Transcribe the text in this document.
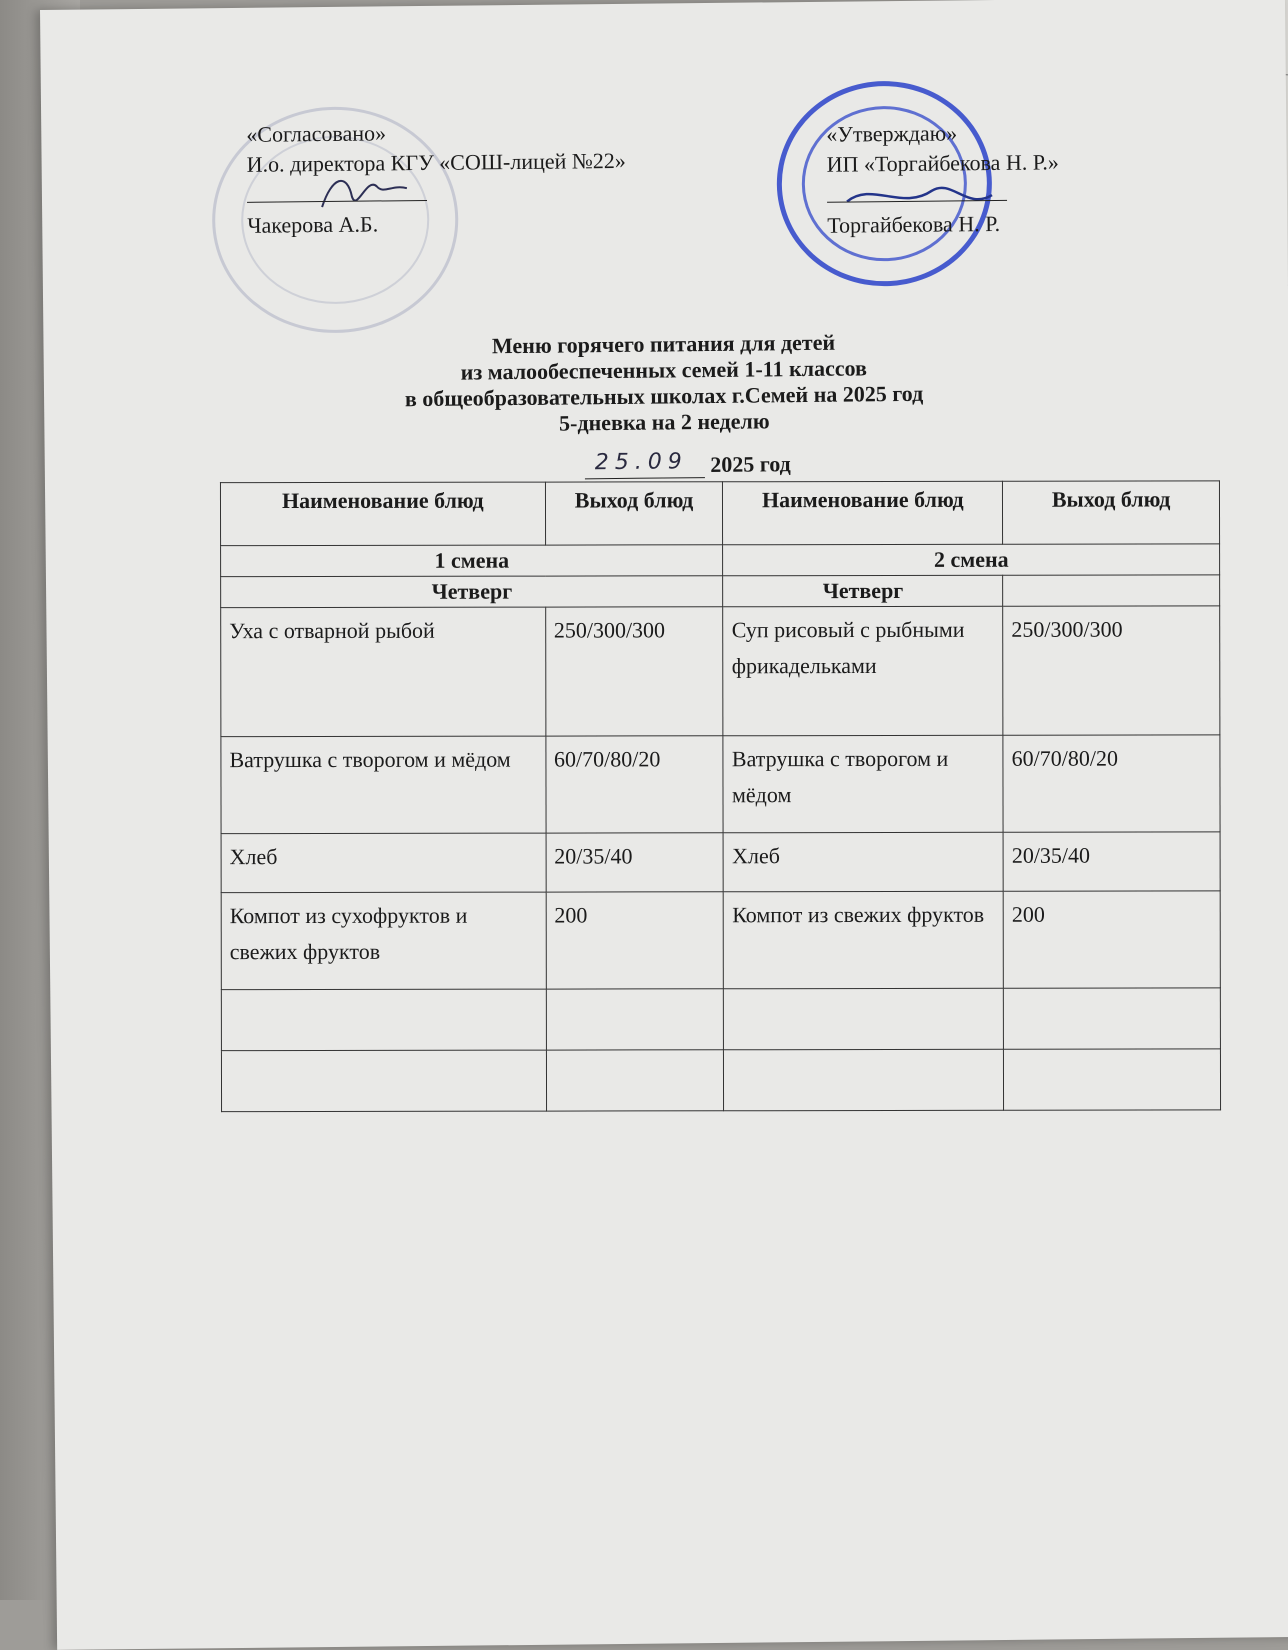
«Согласовано»
И.о. директора КГУ «СОШ-лицей №22»
Чакерова А.Б.
«Утверждаю»
ИП «Торгайбекова Н. Р.»
Торгайбекова Н. Р.
Меню горячего питания для детей
из малообеспеченных семей 1-11 классов
в общеобразовательных школах г.Семей на 2025 год
5-дневка на 2 неделю
25.09 2025 год
Наименование блюд	Выход блюд	Наименование блюд	Выход блюд
1 смена		2 смена	
Четверг		Четверг	
Уха с отварной рыбой	250/300/300	Суп рисовый с рыбными фрикадельками	250/300/300
Ватрушка с творогом и мёдом	60/70/80/20	Ватрушка с творогом и мёдом	60/70/80/20
Хлеб	20/35/40	Хлеб	20/35/40
Компот из сухофруктов и свежих фруктов	200	Компот из свежих фруктов	200
